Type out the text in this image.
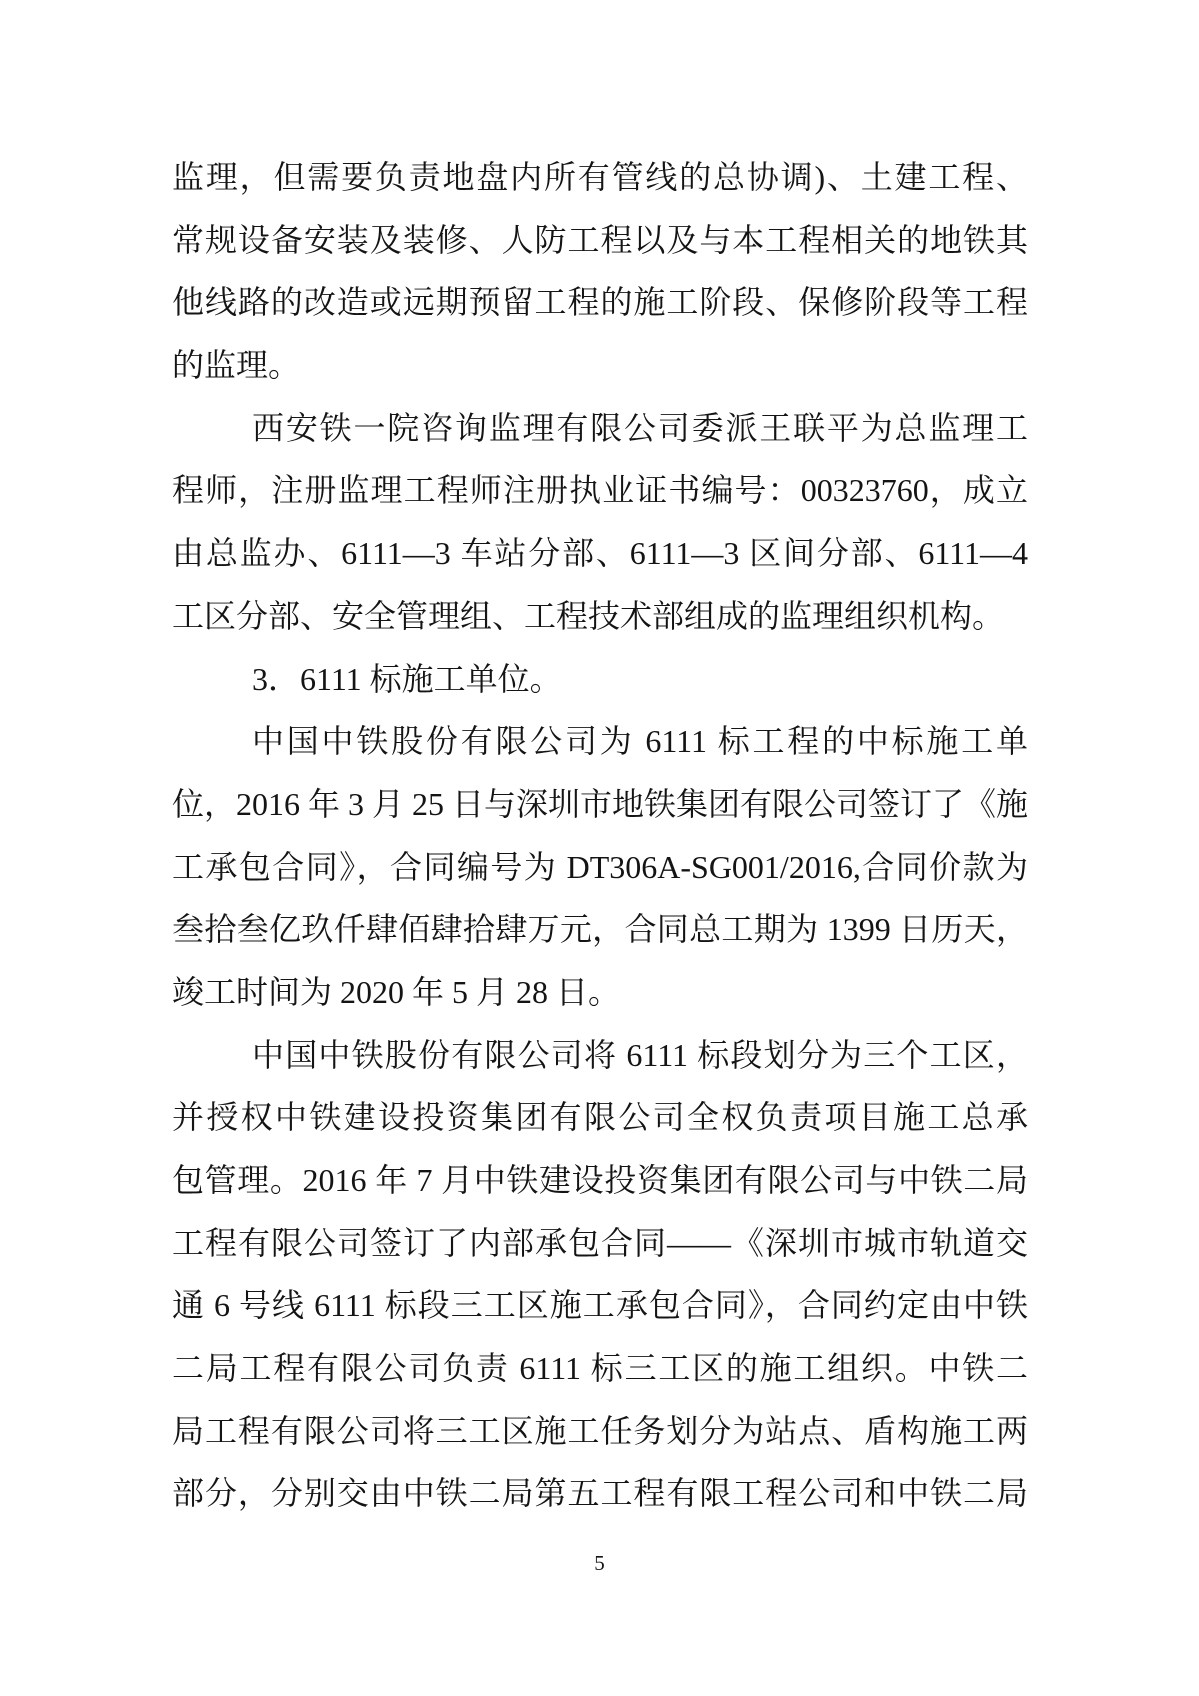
监理，但需要负责地盘内所有管线的总协调)、土建工程、
常规设备安装及装修、人防工程以及与本工程相关的地铁其
他线路的改造或远期预留工程的施工阶段、保修阶段等工程
的监理。
西安铁一院咨询监理有限公司委派王联平为总监理工
程师，注册监理工程师注册执业证书编号：00323760，成立
由总监办、6111—3 车站分部、6111—3 区间分部、6111—4
工区分部、安全管理组、工程技术部组成的监理组织机构。
3．6111 标施工单位。
中国中铁股份有限公司为 6111 标工程的中标施工单
位，2016 年 3 月 25 日与深圳市地铁集团有限公司签订了《施
工承包合同》，合同编号为 DT306A-SG001/2016,合同价款为
叁拾叁亿玖仟肆佰肆拾肆万元，合同总工期为 1399 日历天，
竣工时间为 2020 年 5 月 28 日。
中国中铁股份有限公司将 6111 标段划分为三个工区，
并授权中铁建设投资集团有限公司全权负责项目施工总承
包管理。2016 年 7 月中铁建设投资集团有限公司与中铁二局
工程有限公司签订了内部承包合同——《深圳市城市轨道交
通 6 号线 6111 标段三工区施工承包合同》，合同约定由中铁
二局工程有限公司负责 6111 标三工区的施工组织。中铁二
局工程有限公司将三工区施工任务划分为站点、盾构施工两
部分，分别交由中铁二局第五工程有限工程公司和中铁二局
5
